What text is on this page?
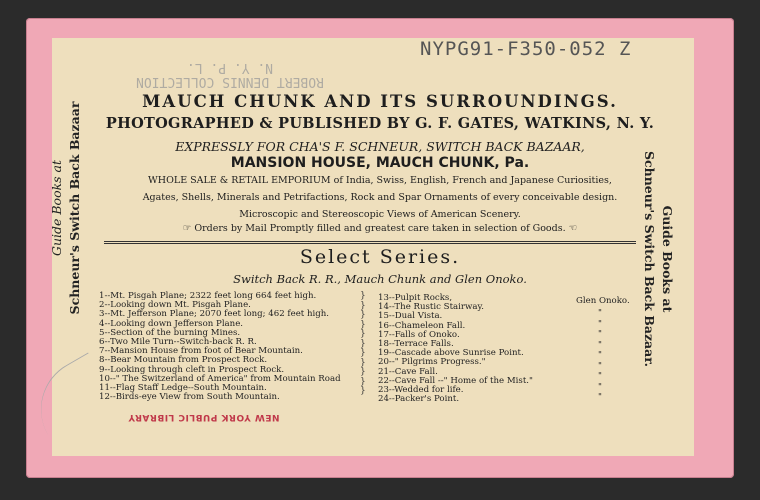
NYPG91-F350-052 Z
ROBERT DENNIS COLLECTION
N. Y. P. L.
Guide Books at Schneur's Switch Back Bazaar	Guide Books at
Schneur's Switch Back Bazaar.
MAUCH CHUNK AND ITS SURROUNDINGS.
PHOTOGRAPHED & PUBLISHED BY G. F. GATES, WATKINS, N. Y.
EXPRESSLY FOR CHA'S F. SCHNEUR, SWITCH BACK BAZAAR,
MANSION HOUSE, MAUCH CHUNK, Pa.
WHOLE SALE & RETAIL EMPORIUM of India, Swiss, English, French and Japanese Curiosities,
Agates, Shells, Minerals and Petrifactions, Rock and Spar Ornaments of every conceivable design.
Microscopic and Stereoscopic Views of American Scenery.
☞ Orders by Mail Promptly filled and greatest care taken in selection of Goods. ☜
Select Series.
Switch Back R. R., Mauch Chunk and Glen Onoko.
1--Mt. Pisgah Plane; 2322 feet long 664 feet high.
2--Looking down Mt. Pisgah Plane.
3--Mt. Jefferson Plane; 2070 feet long; 462 feet high.
4--Looking down Jefferson Plane.
5--Section of the burning Mines.
6--Two Mile Turn--Switch-back R. R.
7--Mansion House from foot of Bear Mountain.
8--Bear Mountain from Prospect Rock.
9--Looking through cleft in Prospect Rock.
10--" The Switzerland of America" from Mountain Road
11--Flag Staff Ledge--South Mountain.
12--Birds-eye View from South Mountain.
}
}
}
}
}
}
}
}
}
}
}
13--Pulpit Rocks,
14--The Rustic Stairway.
15--Dual Vista.
16--Chameleon Fall.
17--Falls of Onoko.
18--Terrace Falls.
19--Cascade above Sunrise Point.
20--" Pilgrims Progress."
21--Cave Fall.
22--Cave Fall --" Home of the Mist."
23--Wedded for life.
24--Packer's Point.
Glen Onoko.
"
"
"
"
"
"
"
"
"
NEW YORK PUBLIC LIBRARY
